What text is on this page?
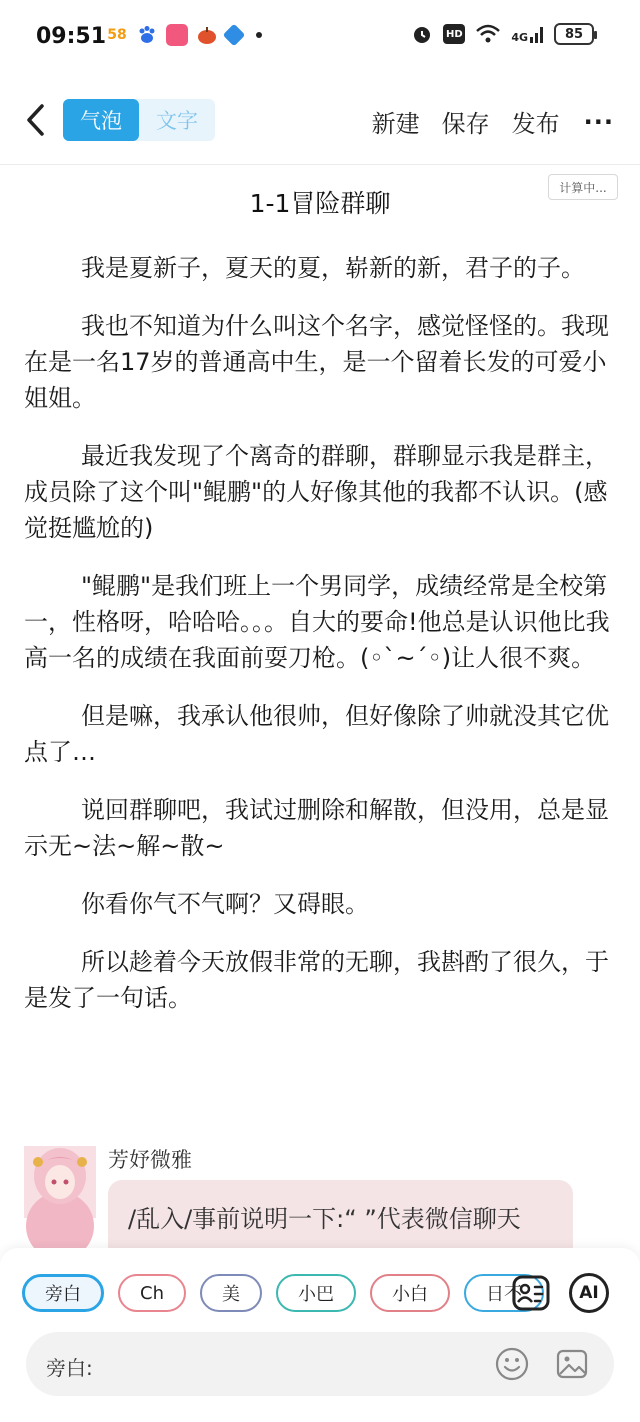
09:51 58	HD	4G	85
气泡	文字	新建 保存 发布 ···
计算中...
1-1冒险群聊

我是夏新子，夏天的夏，崭新的新，君子的子。

我也不知道为什么叫这个名字，感觉怪怪的。我现在是一名17岁的普通高中生，是一个留着长发的可爱小姐姐。

最近我发现了个离奇的群聊，群聊显示我是群主，成员除了这个叫"鲲鹏"的人好像其他的我都不认识。(感觉挺尴尬的)

"鲲鹏"是我们班上一个男同学，成绩经常是全校第一，性格呀，哈哈哈。。。自大的要命!他总是认识他比我高一名的成绩在我面前耍刀枪。(◦`~´◦)让人很不爽。

但是嘛，我承认他很帅，但好像除了帅就没其它优点了…

说回群聊吧，我试过删除和解散，但没用，总是显示无~法~解~散~

你看你气不气啊？又碍眼。

所以趁着今天放假非常的无聊，我斟酌了很久，于是发了一句话。

芳妤微雅
/乱入/事前说明一下:“ ”代表微信聊天
旁白	Ch	美	小巴	小白	日不	AI
旁白:
